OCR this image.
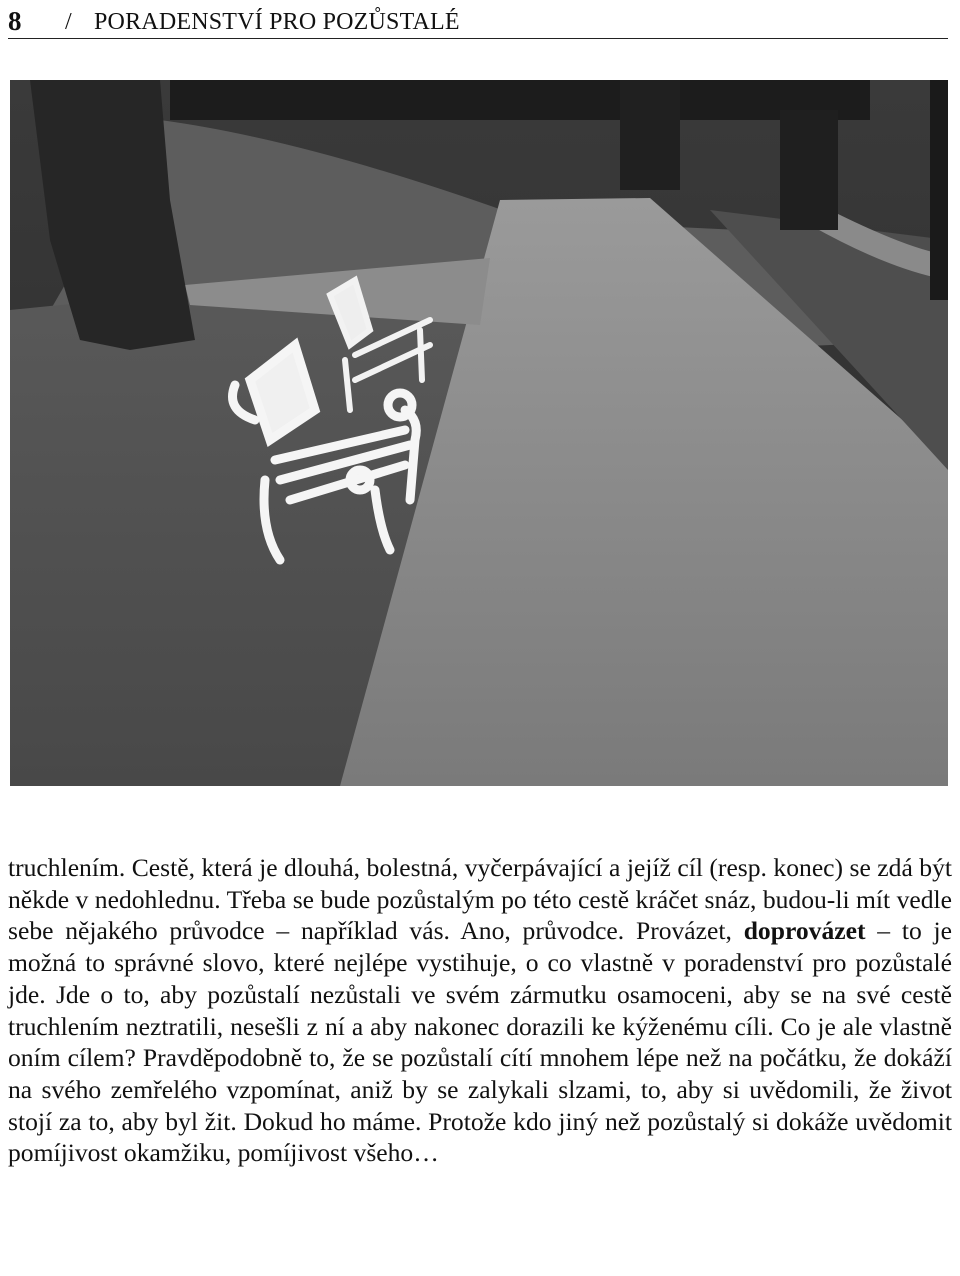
8 / PORADENSTVÍ PRO POZŮSTALÉ

truchlením. Cestě, která je dlouhá, bolestná, vyčerpávající a jejíž cíl (resp. konec) se zdá být někde v nedohlednu. Třeba se bude pozůstalým po této cestě kráčet snáz, budou-li mít vedle sebe nějakého průvodce – například vás. Ano, průvodce. Provázet, doprovázet – to je možná to správné slovo, které nejlépe vystihuje, o co vlastně v poradenství pro pozůstalé jde. Jde o to, aby pozůstalí nezůstali ve svém zármutku osamoceni, aby se na své cestě truchlením neztratili, nesešli z ní a aby nakonec dorazili ke kýženému cíli. Co je ale vlastně oním cílem? Pravděpodobně to, že se pozůstalí cítí mnohem lépe než na počátku, že dokáží na svého zemřelého vzpomínat, aniž by se zalykali slzami, to, aby si uvědomili, že život stojí za to, aby byl žit. Dokud ho máme. Protože kdo jiný než pozůstalý si dokáže uvědomit pomíjivost okamžiku, pomíjivost všeho…
